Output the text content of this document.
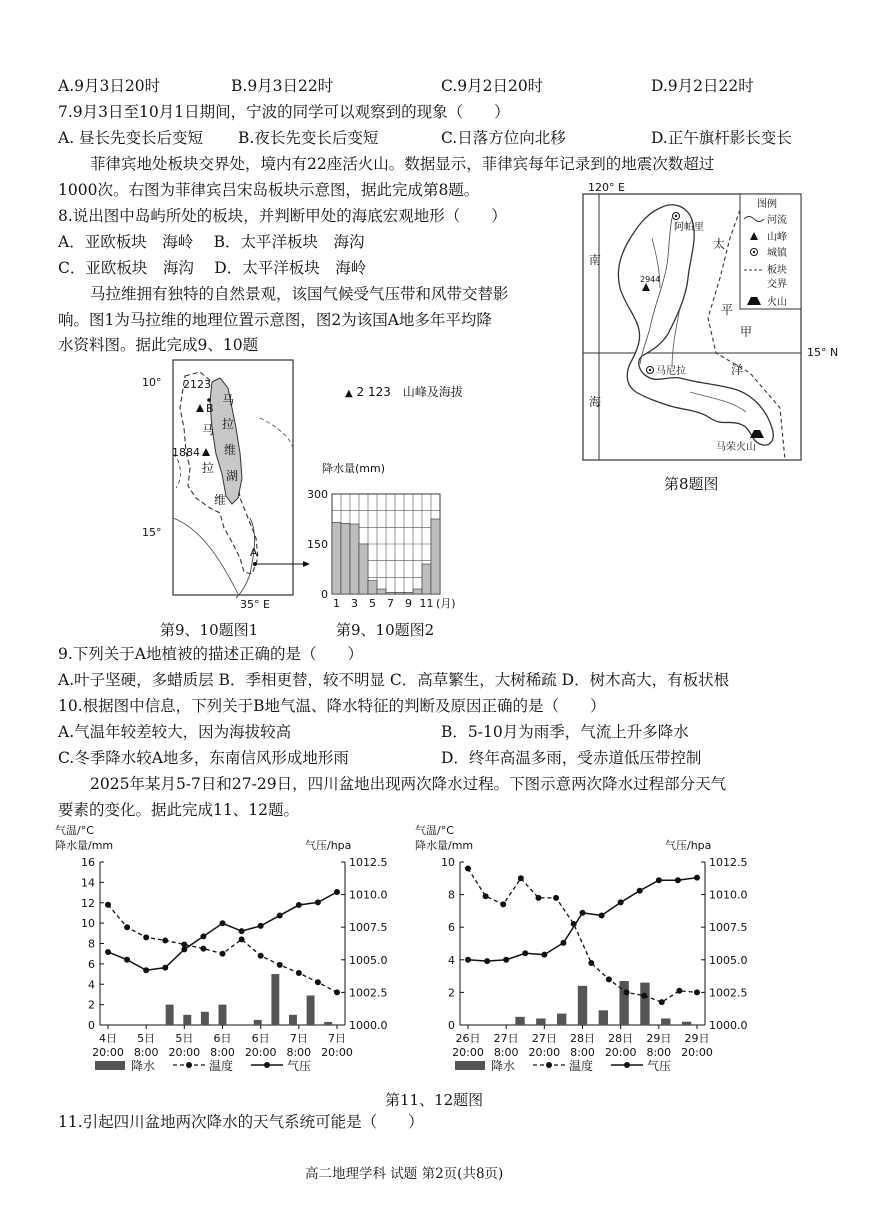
A.9月3日20时	B.9月3日22时	C.9月2日20时	D.9月2日22时
7.9月3日至10月1日期间，宁波的同学可以观察到的现象（　　）
A. 昼长先变长后变短 B.夜长先变长后变短	C.日落方位向北移	D.正午旗杆影长变长
菲律宾地处板块交界处，境内有22座活火山。数据显示，菲律宾每年记录到的地震次数超过
1000次。右图为菲律宾吕宋岛板块示意图，据此完成第8题。
8.说出图中岛屿所处的板块，并判断甲处的海底宏观地形（　　）
A．亚欧板块　海岭　 B．太平洋板块　海沟
C．亚欧板块　海沟　 D．太平洋板块　海岭
马拉维拥有独特的自然景观，该国气候受气压带和风带交替影
响。图1为马拉维的地理位置示意图，图2为该国A地多年平均降
水资料图。据此完成9、10题
120° E
图例
河流
山峰
城镇
板块
交界
火山
阿帕里
马尼拉
2944
马荣火山
南
海
太
平
洋
甲
第8题图
15° N
10°
15°
2123
B
1884
马
拉
维
马
拉
维
湖
A
35° E
▲ 2 123　山峰及海拔
降水量(mm)
300
150
0
1 3 5 7 9 11 (月)
第9、10题图1	第9、10题图2
9.下列关于A地植被的描述正确的是（　　）
A.叶子坚硬，多蜡质层 B．季相更替，较不明显 C．高草繁生，大树稀疏 D．树木高大，有板状根
10.根据图中信息，下列关于B地气温、降水特征的判断及原因正确的是（　　）
A.气温年较差较大，因为海拔较高	B．5-10月为雨季，气流上升多降水
C.冬季降水较A地多，东南信风形成地形雨	D．终年高温多雨，受赤道低压带控制
2025年某月5-7日和27-29日，四川盆地出现两次降水过程。下图示意两次降水过程部分天气
要素的变化。据此完成11、12题。
气温/°C
降水量/mm	气压/hpa
0
2
4
6
8
10
12
14
16
1000.0
1002.5
1005.0
1007.5
1010.0
1012.5
4日
20:00
5日
8:00
5日
20:00
6日
8:00
6日
20:00
7日
8:00
7日
20:00
降水	温度	气压
气温/°C
降水量/mm	气压/hpa
0
2
4
6
8
10
1000.0
1002.5
1005.0
1007.5
1010.0
1012.5
26日
20:00
27日
8:00
27日
20:00
28日
8:00
28日
20:00
29日
8:00
29日
20:00
降水	温度	气压
第11、12题图
11.引起四川盆地两次降水的天气系统可能是（　　）
高二地理学科 试题 第2页(共8页)
